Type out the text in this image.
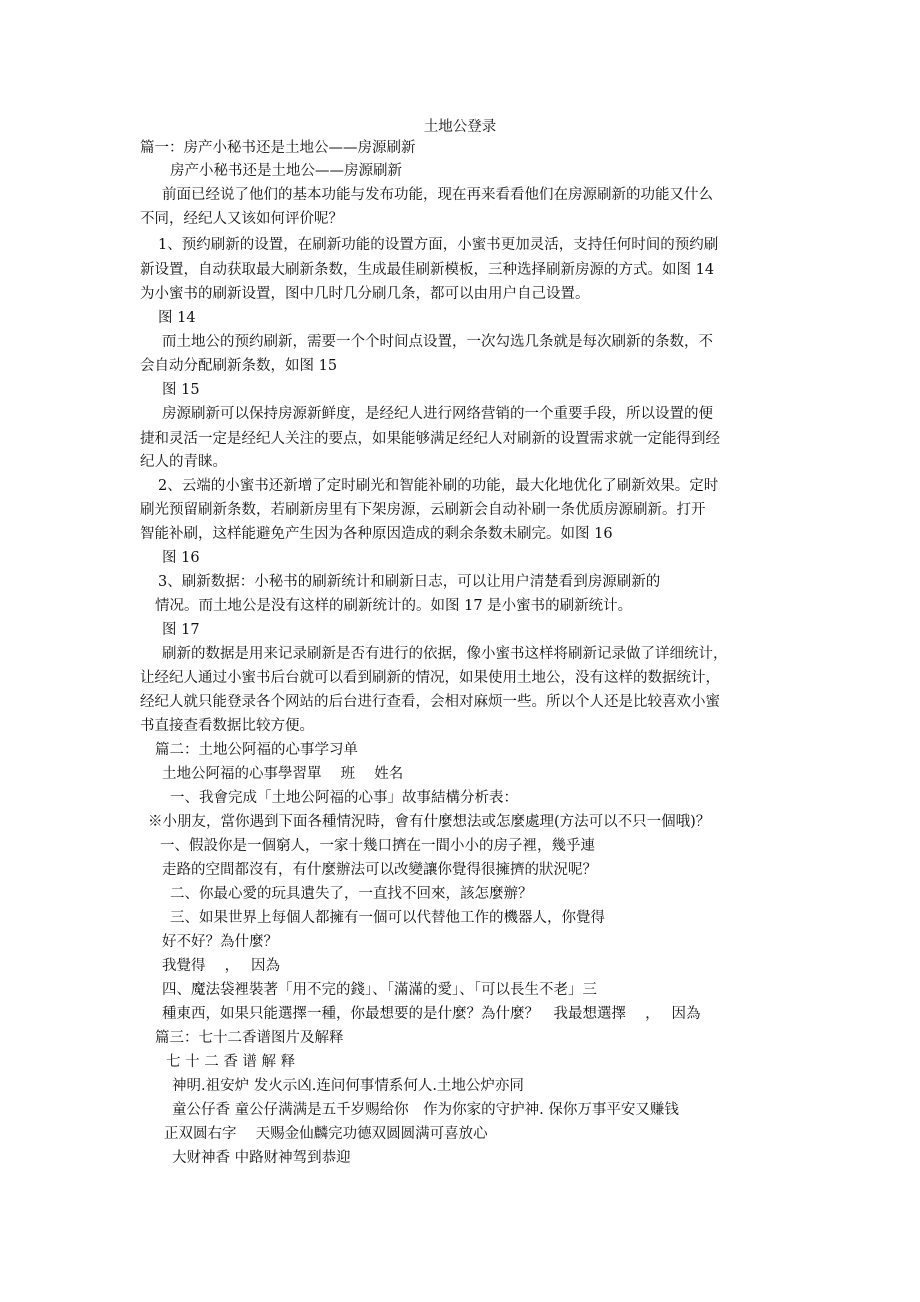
土地公登录
篇一：房产小秘书还是土地公——房源刷新
房产小秘书还是土地公——房源刷新
前面已经说了他们的基本功能与发布功能，现在再来看看他们在房源刷新的功能又什么
不同，经纪人又该如何评价呢？
1、预约刷新的设置，在刷新功能的设置方面，小蜜书更加灵活，支持任何时间的预约刷
新设置，自动获取最大刷新条数，生成最佳刷新模板，三种选择刷新房源的方式。如图 14
为小蜜书的刷新设置，图中几时几分刷几条，都可以由用户自己设置。
图 14
而土地公的预约刷新，需要一个个时间点设置，一次勾选几条就是每次刷新的条数，不
会自动分配刷新条数，如图 15
图 15
房源刷新可以保持房源新鲜度，是经纪人进行网络营销的一个重要手段，所以设置的便
捷和灵活一定是经纪人关注的要点，如果能够满足经纪人对刷新的设置需求就一定能得到经
纪人的青睐。
2、云端的小蜜书还新增了定时刷光和智能补刷的功能，最大化地优化了刷新效果。定时
刷光预留刷新条数，若刷新房里有下架房源，云刷新会自动补刷一条优质房源刷新。打开
智能补刷，这样能避免产生因为各种原因造成的剩余条数未刷完。如图 16
图 16
3、刷新数据：小秘书的刷新统计和刷新日志，可以让用户清楚看到房源刷新的
情况。而土地公是没有这样的刷新统计的。如图 17 是小蜜书的刷新统计。
图 17
刷新的数据是用来记录刷新是否有进行的依据，像小蜜书这样将刷新记录做了详细统计，
让经纪人通过小蜜书后台就可以看到刷新的情况，如果使用土地公，没有这样的数据统计，
经纪人就只能登录各个网站的后台进行查看，会相对麻烦一些。所以个人还是比较喜欢小蜜
书直接查看数据比较方便。
篇二：土地公阿福的心事学习单
土地公阿福的心事學習單　 班　 姓名
一、我會完成「土地公阿福的心事」故事結構分析表：
※小朋友，當你遇到下面各種情況時，會有什麼想法或怎麼處理(方法可以不只一個哦)？
一、假設你是一個窮人，一家十幾口擠在一間小小的房子裡，幾乎連
走路的空間都沒有，有什麼辦法可以改變讓你覺得很擁擠的狀況呢？
二、你最心愛的玩具遺失了，一直找不回來，該怎麼辦？
三、如果世界上每個人都擁有一個可以代替他工作的機器人，你覺得
好不好？為什麼？
我覺得　 ，　 因為
四、魔法袋裡裝著「用不完的錢」、「滿滿的愛」、「可以長生不老」三
種東西，如果只能選擇一種，你最想要的是什麼？為什麼？　我最想選擇　 ，　 因為
篇三：七十二香谱图片及解释
七 十 二 香 谱 解 释
神明.祖安炉 发火示凶.连问何事情系何人.土地公炉亦同
童公仔香 童公仔满满是五千岁赐给你　作为你家的守护神. 保你万事平安又赚钱
正双圆右字　 天赐金仙麟完功德双圆圆满可喜放心
大财神香 中路财神驾到恭迎
